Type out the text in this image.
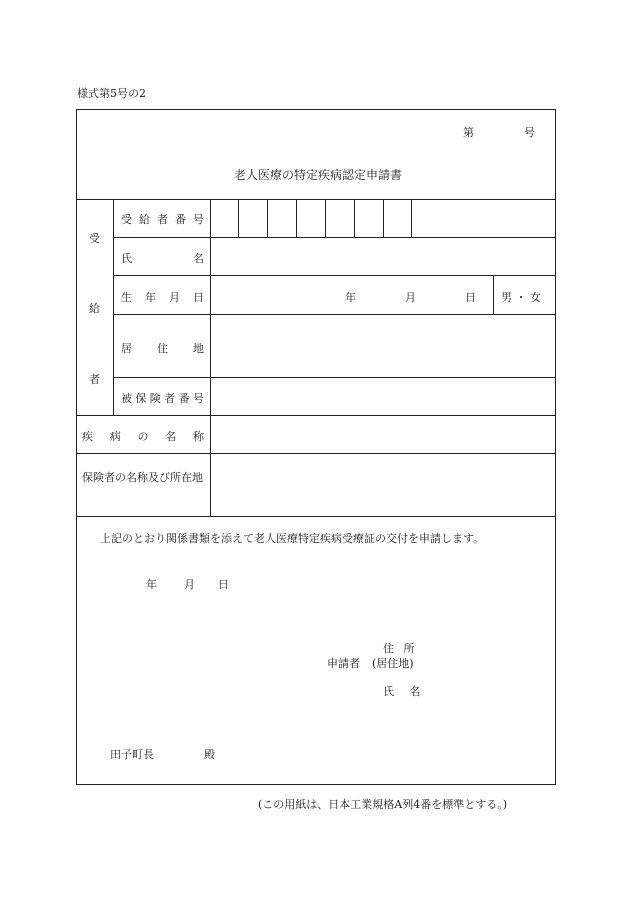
様式第5号の2
第	号
老人医療の特定疾病認定申請書
受
給
者
受 給 者 番 号
氏	名
生 年 月 日	年	月	日 男 ・ 女
居 住 地
被 保 険 者 番 号
疾 病 の 名 称
保険者の名称及び所在地
上記のとおり関係書類を添えて老人医療特定疾病受療証の交付を申請します。
年 月 日
住 所
申請者 (居住地)
氏 名
田子町長	殿
(この用紙は、日本工業規格A列4番を標準とする。)
